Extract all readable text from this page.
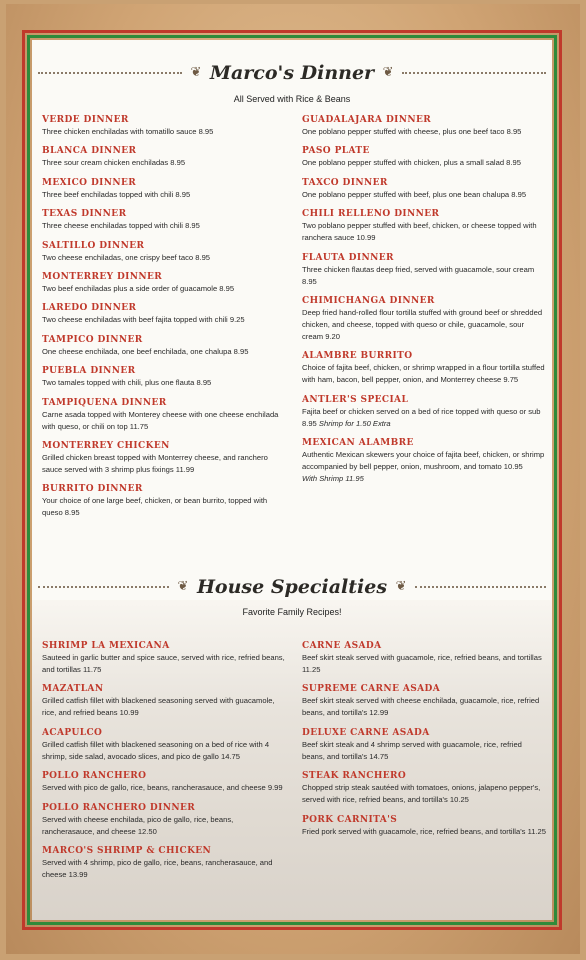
❦ Marco's Dinner ❦
All Served with Rice & Beans
VERDE DINNER
Three chicken enchiladas with tomatillo sauce 8.95
BLANCA DINNER
Three sour cream chicken enchiladas 8.95
MEXICO DINNER
Three beef enchiladas topped with chili 8.95
TEXAS DINNER
Three cheese enchiladas topped with chili 8.95
SALTILLO DINNER
Two cheese enchiladas, one crispy beef taco 8.95
MONTERREY DINNER
Two beef enchiladas plus a side order of guacamole 8.95
LAREDO DINNER
Two cheese enchiladas with beef fajita topped with chili 9.25
TAMPICO DINNER
One cheese enchilada, one beef enchilada, one chalupa 8.95
PUEBLA DINNER
Two tamales topped with chili, plus one flauta 8.95
TAMPIQUENA DINNER
Carne asada topped with Monterey cheese with one cheese enchilada with queso, or chili on top 11.75
MONTERREY CHICKEN
Grilled chicken breast topped with Monterrey cheese, and ranchero sauce served with 3 shrimp plus fixings 11.99
BURRITO DINNER
Your choice of one large beef, chicken, or bean burrito, topped with queso 8.95
GUADALAJARA DINNER
One poblano pepper stuffed with cheese, plus one beef taco 8.95
PASO PLATE
One poblano pepper stuffed with chicken, plus a small salad 8.95
TAXCO DINNER
One poblano pepper stuffed with beef, plus one bean chalupa 8.95
CHILI RELLENO DINNER
Two poblano pepper stuffed with beef, chicken, or cheese topped with ranchera sauce 10.99
FLAUTA DINNER
Three chicken flautas deep fried, served with guacamole, sour cream 8.95
CHIMICHANGA DINNER
Deep fried hand-rolled flour tortilla stuffed with ground beef or shredded chicken, and cheese, topped with queso or chile, guacamole, sour cream 9.20
ALAMBRE BURRITO
Choice of fajita beef, chicken, or shrimp wrapped in a flour tortilla stuffed with ham, bacon, bell pepper, onion, and Monterrey cheese 9.75
ANTLER'S SPECIAL
Fajita beef or chicken served on a bed of rice topped with queso or sub 8.95 Shrimp for 1.50 Extra
MEXICAN ALAMBRE
Authentic Mexican skewers your choice of fajita beef, chicken, or shrimp accompanied by bell pepper, onion, mushroom, and tomato 10.95
With Shrimp 11.95
❦ House Specialties ❦
Favorite Family Recipes!
SHRIMP LA MEXICANA
Sauteed in garlic butter and spice sauce, served with rice, refried beans, and tortillas 11.75
MAZATLAN
Grilled catfish fillet with blackened seasoning served with guacamole, rice, and refried beans 10.99
ACAPULCO
Grilled catfish fillet with blackened seasoning on a bed of rice with 4 shrimp, side salad, avocado slices, and pico de gallo 14.75
POLLO RANCHERO
Served with pico de gallo, rice, beans, rancherasauce, and cheese 9.99
POLLO RANCHERO DINNER
Served with cheese enchilada, pico de gallo, rice, beans, rancherasauce, and cheese 12.50
MARCO'S SHRIMP & CHICKEN
Served with 4 shrimp, pico de gallo, rice, beans, rancherasauce, and cheese 13.99
CARNE ASADA
Beef skirt steak served with guacamole, rice, refried beans, and tortillas 11.25
SUPREME CARNE ASADA
Beef skirt steak served with cheese enchilada, guacamole, rice, refried beans, and tortilla's 12.99
DELUXE CARNE ASADA
Beef skirt steak and 4 shrimp served with guacamole, rice, refried beans, and tortilla's 14.75
STEAK RANCHERO
Chopped strip steak sautéed with tomatoes, onions, jalapeno pepper's, served with rice, refried beans, and tortilla's 10.25
PORK CARNITA'S
Fried pork served with guacamole, rice, refried beans, and tortilla's 11.25
